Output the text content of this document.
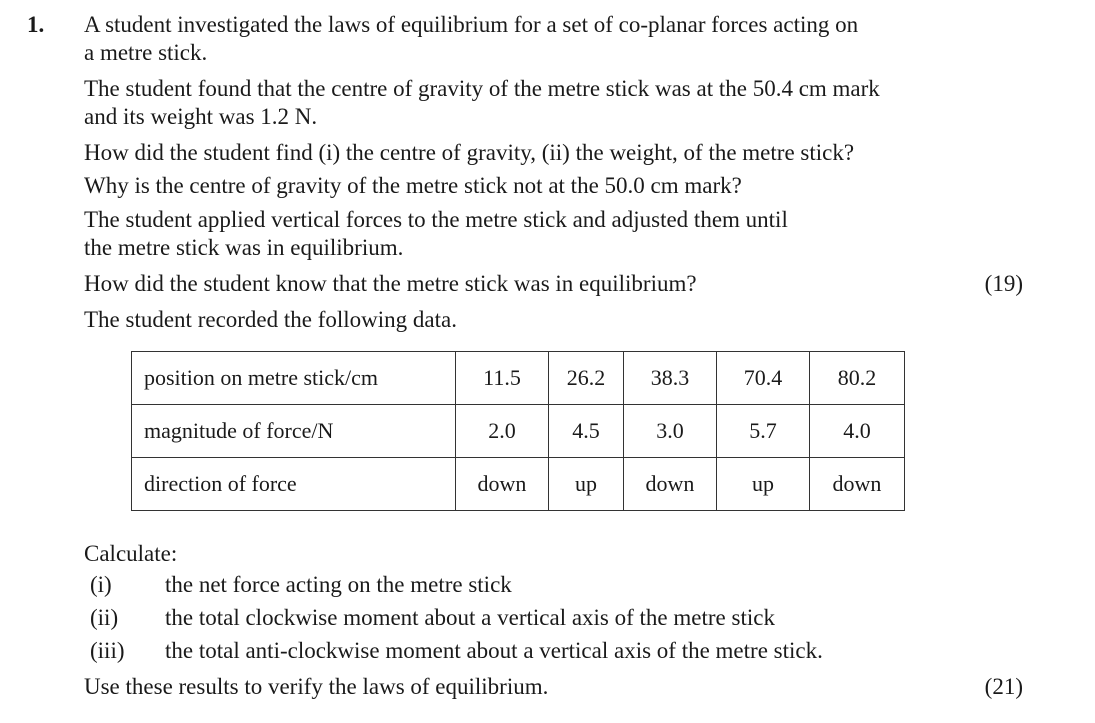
1. A student investigated the laws of equilibrium for a set of co-planar forces acting on
a metre stick.
The student found that the centre of gravity of the metre stick was at the 50.4 cm mark
and its weight was 1.2 N.
How did the student find (i) the centre of gravity, (ii) the weight, of the metre stick?
Why is the centre of gravity of the metre stick not at the 50.0 cm mark?
The student applied vertical forces to the metre stick and adjusted them until
the metre stick was in equilibrium.
How did the student know that the metre stick was in equilibrium?	(19)
The student recorded the following data.
position on metre stick/cm	11.5	26.2	38.3	70.4	80.2
magnitude of force/N	2.0	4.5	3.0	5.7	4.0
direction of force	down	up	down	up	down
Calculate:
(i) the net force acting on the metre stick
(ii) the total clockwise moment about a vertical axis of the metre stick
(iii) the total anti-clockwise moment about a vertical axis of the metre stick.
Use these results to verify the laws of equilibrium.	(21)
